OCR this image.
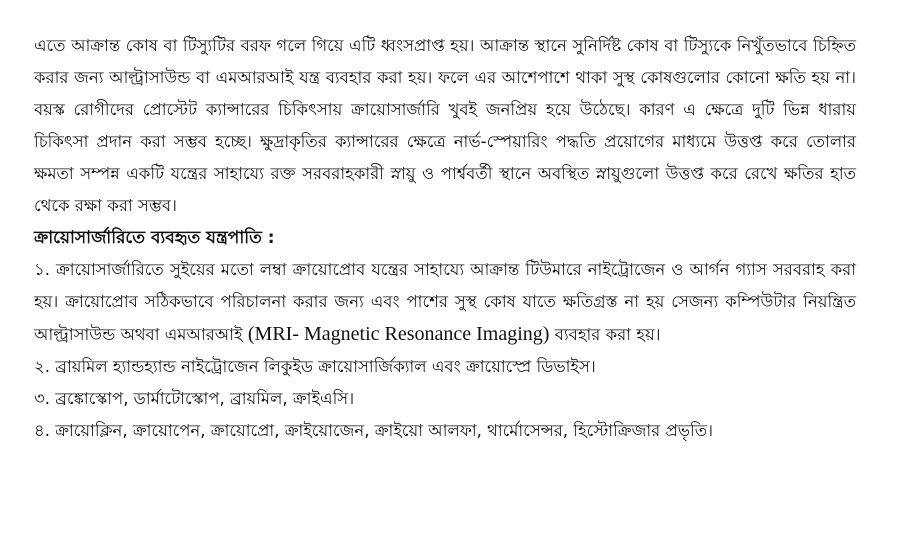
এতে আক্রান্ত কোষ বা টিস্যুটির বরফ গলে গিয়ে এটি ধ্বংসপ্রাপ্ত হয়। আক্রান্ত স্থানে সুনির্দিষ্ট কোষ বা টিস্যুকে নিখুঁতভাবে চিহ্নিত করার জন্য আল্ট্রাসাউন্ড বা এমআরআই যন্ত্র ব্যবহার করা হয়। ফলে এর আশেপাশে থাকা সুস্থ কোষগুলোর কোনো ক্ষতি হয় না। বয়স্ক রোগীদের প্রোস্টেট ক্যান্সারের চিকিৎসায় ক্রায়োসার্জারি খুবই জনপ্রিয় হয়ে উঠেছে। কারণ এ ক্ষেত্রে দুটি ভিন্ন ধারায় চিকিৎসা প্রদান করা সম্ভব হচ্ছে। ক্ষুদ্রাকৃতির ক্যান্সারের ক্ষেত্রে নার্ভ-স্পেয়ারিং পদ্ধতি প্রয়োগের মাধ্যমে উত্তপ্ত করে তোলার ক্ষমতা সম্পন্ন একটি যন্ত্রের সাহায্যে রক্ত সরবরাহকারী স্নায়ু ও পার্শ্ববর্তী স্থানে অবস্থিত স্নায়ুগুলো উত্তপ্ত করে রেখে ক্ষতির হাত থেকে রক্ষা করা সম্ভব।

ক্রায়োসার্জারিতে ব্যবহৃত যন্ত্রপাতি :

১. ক্রায়োসার্জারিতে সুইয়ের মতো লম্বা ক্রায়োপ্রোব যন্ত্রের সাহায্যে আক্রান্ত টিউমারে নাইট্রোজেন ও আর্গন গ্যাস সরবরাহ করা হয়। ক্রায়োপ্রোব সঠিকভাবে পরিচালনা করার জন্য এবং পাশের সুস্থ কোষ যাতে ক্ষতিগ্রস্ত না হয় সেজন্য কম্পিউটার নিয়ন্ত্রিত আল্ট্রাসাউন্ড অথবা এমআরআই (MRI- Magnetic Resonance Imaging) ব্যবহার করা হয়।

২. ব্রায়মিল হ্যান্ডহ্যান্ড নাইট্রোজেন লিকুইড ক্রায়োসার্জিক্যাল এবং ক্রায়োস্প্রে ডিভাইস।

৩. ব্রঙ্কোস্কোপ, ডার্মাটোস্কোপ, ব্রায়মিল, ক্রাইএসি।

৪. ক্রায়োক্লিন, ক্রায়োপেন, ক্রায়োপ্রো, ক্রাইয়োজেন, ক্রাইয়ো আলফা, থার্মোসেন্সর, হিস্টোক্রিজার প্রভৃতি।
